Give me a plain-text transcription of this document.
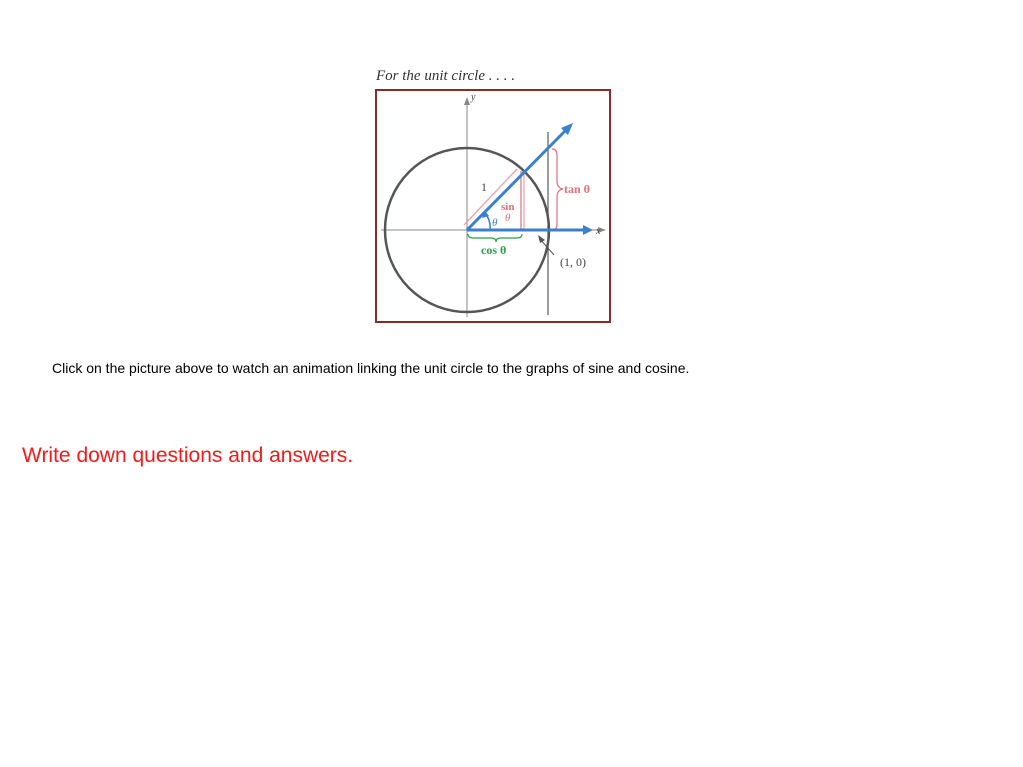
For the unit circle . . . .
y
x
tan θ
cos θ
θ
1
sin
θ
(1, 0)
Click on the picture above to watch an animation linking the unit circle to the graphs of sine and cosine.
Write down questions and answers.
